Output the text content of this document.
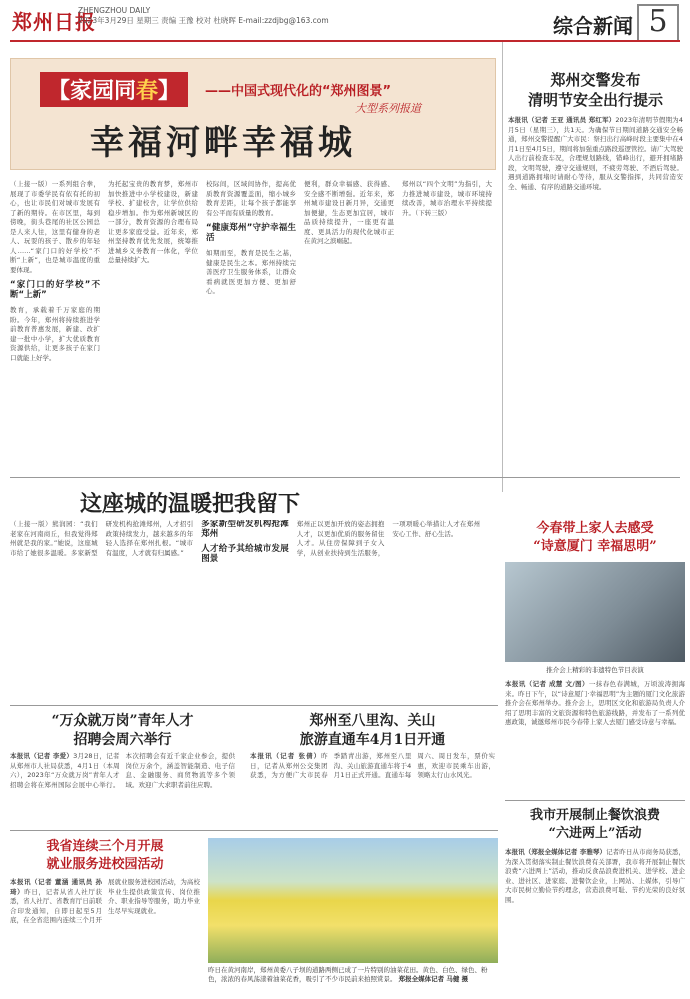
郑州日报
ZHENGZHOU DAILY
2023年3月29日 星期三 责编 王豫 校对 杜晓晖 E-mail:zzdjbg@163.com	综合新闻 5
【家园同春】	——中国式现代化的“郑州图景”
大型系列报道
幸福河畔幸福城
（上接一版）一系列组合拳，展现了市委学民有依有托的初心，也让市民们对城市发展有了新的期待。在市区里，每到傍晚，街头巷尾的社区公园总是人来人往，这里有健身的老人、玩耍的孩子、散步的年轻人……“家门口的好学校”不断“上新”，也是城市温度的重要体现。
“家门口的好学校”不断“上新”
教育，承载着千万家庭的期盼。今年，郑州将持续推进学前教育普惠发展，新建、改扩建一批中小学，扩大优质教育资源供给，让更多孩子在家门口就能上好学。
为托起宝贵的教育梦，郑州市加快推进中小学校建设，新建学校、扩建校舍，让学位供给稳步增加。作为郑州新城区的一部分，教育资源的合理布局让更多家庭受益。近年来，郑州坚持教育优先发展，统筹推进城乡义务教育一体化，学位总量持续扩大。
校际间，区域间协作，提高优质教育资源覆盖面，缩小城乡教育差距，让每个孩子都能享有公平而有质量的教育。
“健康郑州”守护幸福生活
如期而至，教育是民生之基，健康是民生之本。郑州持续完善医疗卫生服务体系，让群众看病就医更加方便、更加舒心。
便利，群众幸福感、获得感、安全感不断增强。近年来，郑州城市建设日新月异，交通更加便捷，生态更加宜居，城市品质持续提升，一座更有温度、更具活力的现代化城市正在黄河之滨崛起。
郑州以“四个文明”为指引，大力推进城市建设，城市环境持续改善，城市治理水平持续提升。（下转三版）
郑州交警发布
清明节安全出行提示
本报讯（记者 王亚 通讯员 郑红军）2023年清明节假期为4月5日（星期三），共1天。为确保节日期间道路交通安全畅通，郑州交警提醒广大市民：祭扫出行高峰时段主要集中在4月1日至4月5日，期间将加强重点路段巡逻管控。请广大驾驶人出行前检查车况，合理规划路线，错峰出行，避开拥堵路段，文明驾驶，遵守交通规则，不疲劳驾驶、不酒后驾驶。遇到道路拥堵时请耐心等待，服从交警指挥，共同营造安全、畅通、有序的道路交通环境。
这座城的温暖把我留下
（上接一版）熊润园：“我们老家在河南商丘，但我觉得郑州就是我的家。”她说，这座城市给了她很多温暖。多家新型研发机构抢滩郑州，人才招引政策持续发力，越来越多的年轻人选择在郑州扎根。“城市有温度，人才就有归属感。”
多家新型研发机构抢滩郑州
人才给予其给城市发展图景
郑州正以更加开放的姿态拥抱人才，以更加优质的服务留住人才。从住房保障到子女入学，从创业扶持到生活服务，一项项暖心举措让人才在郑州安心工作、舒心生活。	今春带上家人去感受
“诗意厦门 幸福思明”
推介会上精彩的非遗特色节目表演
本报讯（记者 成慧 文/图）一抹春色春满城，万顷波涛拥海来。昨日下午，以“诗意厦门·幸福思明”为主题的厦门文化旅游推介会在郑州举办。推介会上，思明区文化和旅游局负责人介绍了思明丰富的文旅资源和特色旅游线路，并发布了一系列优惠政策，诚邀郑州市民今春带上家人去厦门感受诗意与幸福。
“万众就万岗”青年人才
招聘会周六举行
本报讯（记者 李爱）3月28日，记者从郑州市人社局获悉，4月1日（本周六），2023年“万众就万岗”青年人才招聘会将在郑州国际会展中心举行。本次招聘会有近千家企业参会，提供岗位万余个，涵盖智能制造、电子信息、金融服务、商贸物流等多个领域。欢迎广大求职者前往应聘。
郑州至八里沟、关山
旅游直通车4月1日开通
本报讯（记者 张倩）昨日，记者从郑州公交集团获悉，为方便广大市民春季踏青出游，郑州至八里沟、关山旅游直通车将于4月1日正式开通。直通车每周六、周日发车，票价实惠，欢迎市民乘车出游，领略太行山水风光。
我省连续三个月开展
就业服务进校园活动
本报讯（记者 董涵 通讯员 孙琦）昨日，记者从省人社厅获悉，省人社厅、省教育厅日前联合印发通知，自即日起至5月底，在全省范围内连续三个月开展就业服务进校园活动，为高校毕业生提供政策宣传、岗位推介、职业指导等服务，助力毕业生尽早实现就业。
昨日在黄河南岸，郑州黄委八子坝的道路两侧已成了一片特别的油菜花田。黄色、白色、绿色、粉色，浓浓的春风荡漾着油菜花香，吸引了不少市民前来拍照赏景。 郑报全媒体记者 马健 摄
我市开展制止餐饮浪费
“六进两上”活动
本报讯（郑报全媒体记者 李雅琴）记者昨日从市商务局获悉，为深入贯彻落实制止餐饮浪费有关部署，我市将开展制止餐饮浪费“六进两上”活动，推动反食品浪费进机关、进学校、进企业、进社区、进家庭、进餐饮企业，上网站、上媒体，引导广大市民树立勤俭节约理念，营造浪费可耻、节约光荣的良好氛围。
